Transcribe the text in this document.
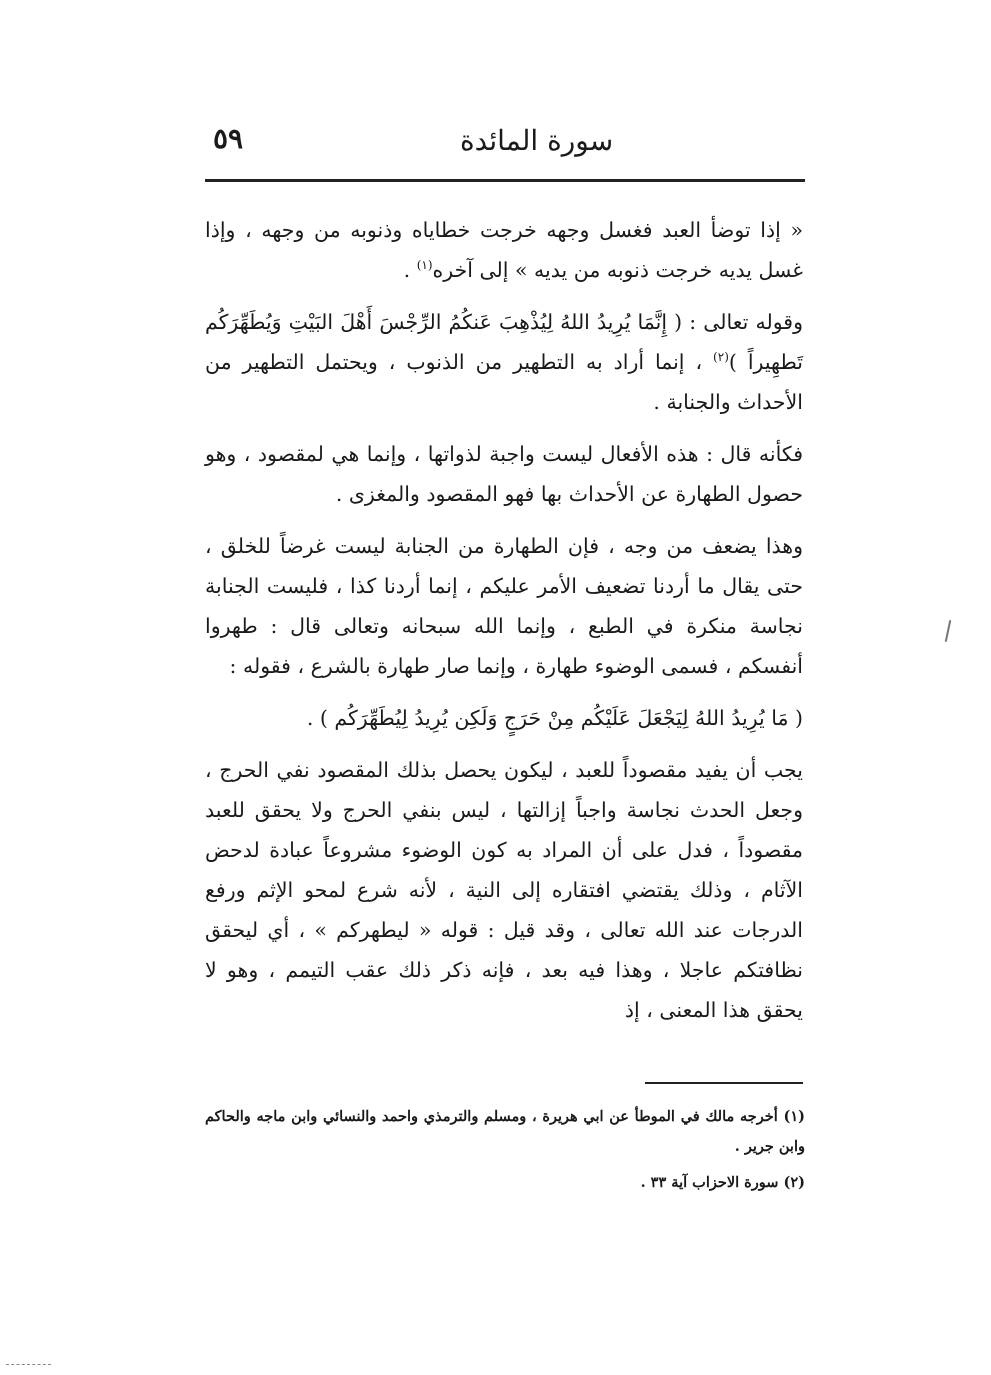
٥٩	سورة المائدة

« إذا توضأ العبد فغسل وجهه خرجت خطاياه وذنوبه من وجهه ، وإذا غسل يديه خرجت ذنوبه من يديه » إلى آخره$^{(١)}$ .

وقوله تعالى : ( إِنَّمَا يُرِيدُ اللهُ لِيُذْهِبَ عَنكُمُ الرِّجْسَ أَهْلَ البَيْتِ وَيُطَهِّرَكُم تَطهِيراً )$^{(٢)}$ ، إنما أراد به التطهير من الذنوب ، ويحتمل التطهير من الأحداث والجنابة .

فكأنه قال : هذه الأفعال ليست واجبة لذواتها ، وإنما هي لمقصود ، وهو حصول الطهارة عن الأحداث بها فهو المقصود والمغزى .

وهذا يضعف من وجه ، فإن الطهارة من الجنابة ليست غرضاً للخلق ، حتى يقال ما أردنا تضعيف الأمر عليكم ، إنما أردنا كذا ، فليست الجنابة نجاسة منكرة في الطبع ، وإنما الله سبحانه وتعالى قال : طهروا أنفسكم ، فسمى الوضوء طهارة ، وإنما صار طهارة بالشرع ، فقوله :

( مَا يُرِيدُ اللهُ لِيَجْعَلَ عَلَيْكُم مِنْ حَرَجٍ وَلَكِن يُرِيدُ لِيُطَهِّرَكُم ) .

يجب أن يفيد مقصوداً للعبد ، ليكون يحصل بذلك المقصود نفي الحرج ، وجعل الحدث نجاسة واجباً إزالتها ، ليس بنفي الحرج ولا يحقق للعبد مقصوداً ، فدل على أن المراد به كون الوضوء مشروعاً عبادة لدحض الآثام ، وذلك يقتضي افتقاره إلى النية ، لأنه شرع لمحو الإثم ورفع الدرجات عند الله تعالى ، وقد قيل : قوله « ليطهركم » ، أي ليحقق نظافتكم عاجلا ، وهذا فيه بعد ، فإنه ذكر ذلك عقب التيمم ، وهو لا يحقق هذا المعنى ، إذ

(١) أخرجه مالك في الموطأ عن ابي هريرة ، ومسلم والترمذي واحمد والنسائي وابن ماجه والحاكم وابن جرير .

(٢) سورة الاحزاب آية ٣٣ .
